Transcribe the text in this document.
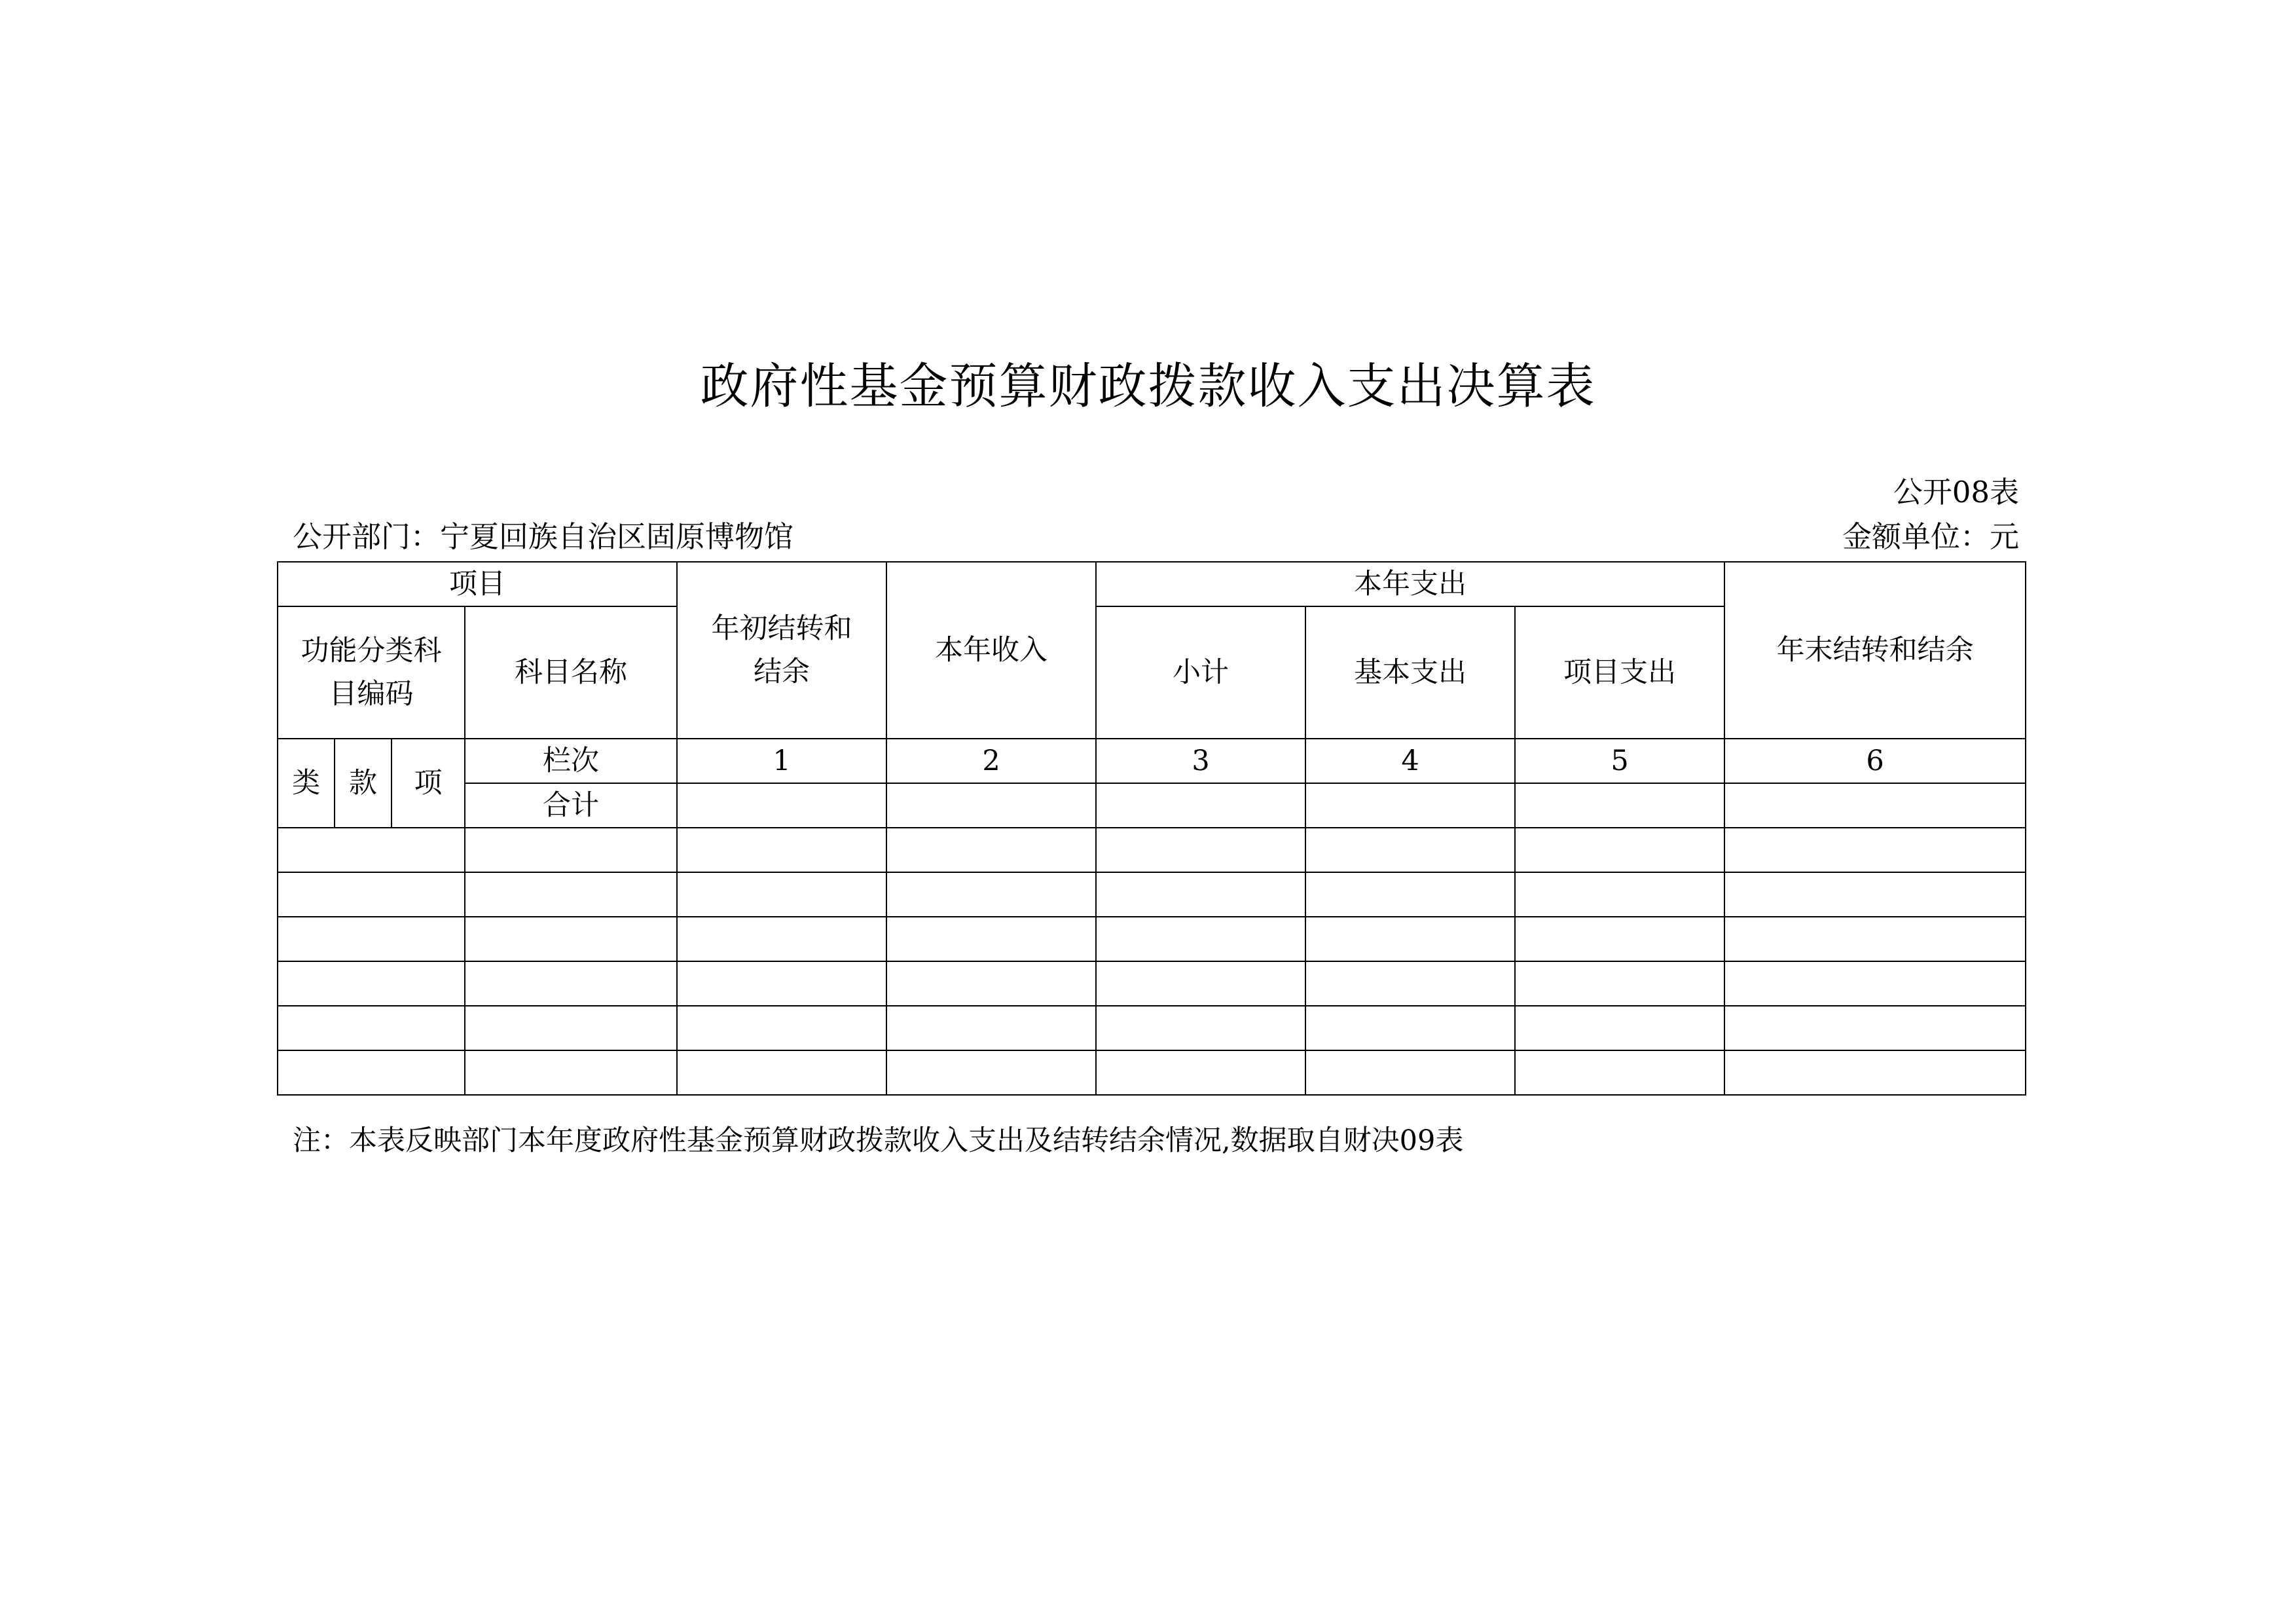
政府性基金预算财政拨款收入支出决算表
公开08表
公开部门：宁夏回族自治区固原博物馆	金额单位：元
项目				年初结转和结余	本年收入	本年支出			年末结转和结余
功能分类科目编码			科目名称			小计	基本支出	项目支出	
类	款	项	栏次	1	2	3	4	5	6
			合计						

注：本表反映部门本年度政府性基金预算财政拨款收入支出及结转结余情况,数据取自财决09表
